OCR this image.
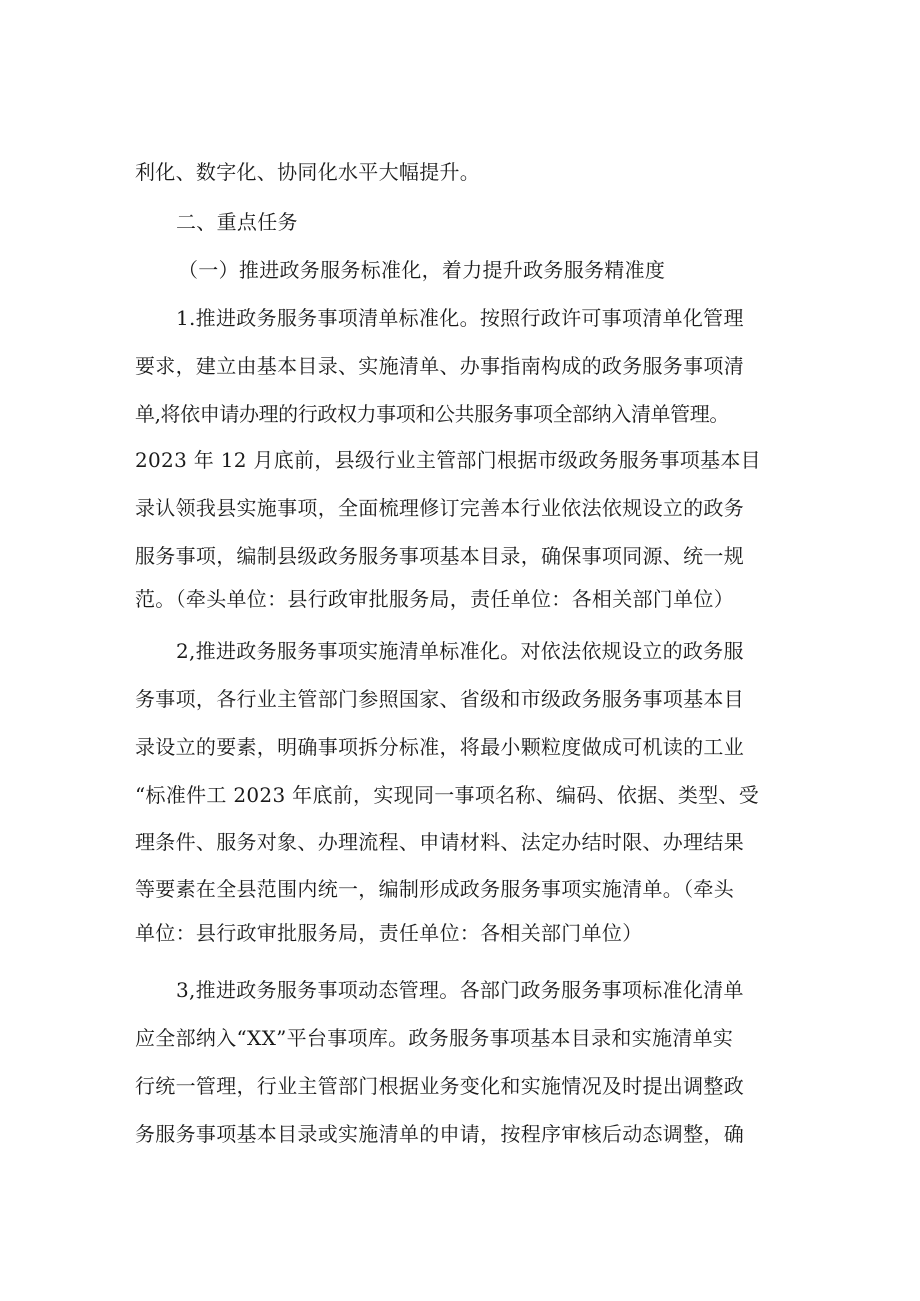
利化、数字化、协同化水平大幅提升。
二、重点任务
（一）推进政务服务标准化，着力提升政务服务精准度
1.推进政务服务事项清单标准化。按照行政许可事项清单化管理
要求，建立由基本目录、实施清单、办事指南构成的政务服务事项清
单,将依申请办理的行政权力事项和公共服务事项全部纳入清单管理。
2023 年 12 月底前，县级行业主管部门根据市级政务服务事项基本目
录认领我县实施事项，全面梳理修订完善本行业依法依规设立的政务
服务事项，编制县级政务服务事项基本目录，确保事项同源、统一规
范。（牵头单位：县行政审批服务局，责任单位：各相关部门单位）
2,推进政务服务事项实施清单标准化。对依法依规设立的政务服
务事项，各行业主管部门参照国家、省级和市级政务服务事项基本目
录设立的要素，明确事项拆分标准，将最小颗粒度做成可机读的工业
“标准件工 2023 年底前，实现同一事项名称、编码、依据、类型、受
理条件、服务对象、办理流程、申请材料、法定办结时限、办理结果
等要素在全县范围内统一，编制形成政务服务事项实施清单。（牵头
单位：县行政审批服务局，责任单位：各相关部门单位）
3,推进政务服务事项动态管理。各部门政务服务事项标准化清单
应全部纳入“XX”平台事项库。政务服务事项基本目录和实施清单实
行统一管理，行业主管部门根据业务变化和实施情况及时提出调整政
务服务事项基本目录或实施清单的申请，按程序审核后动态调整，确
